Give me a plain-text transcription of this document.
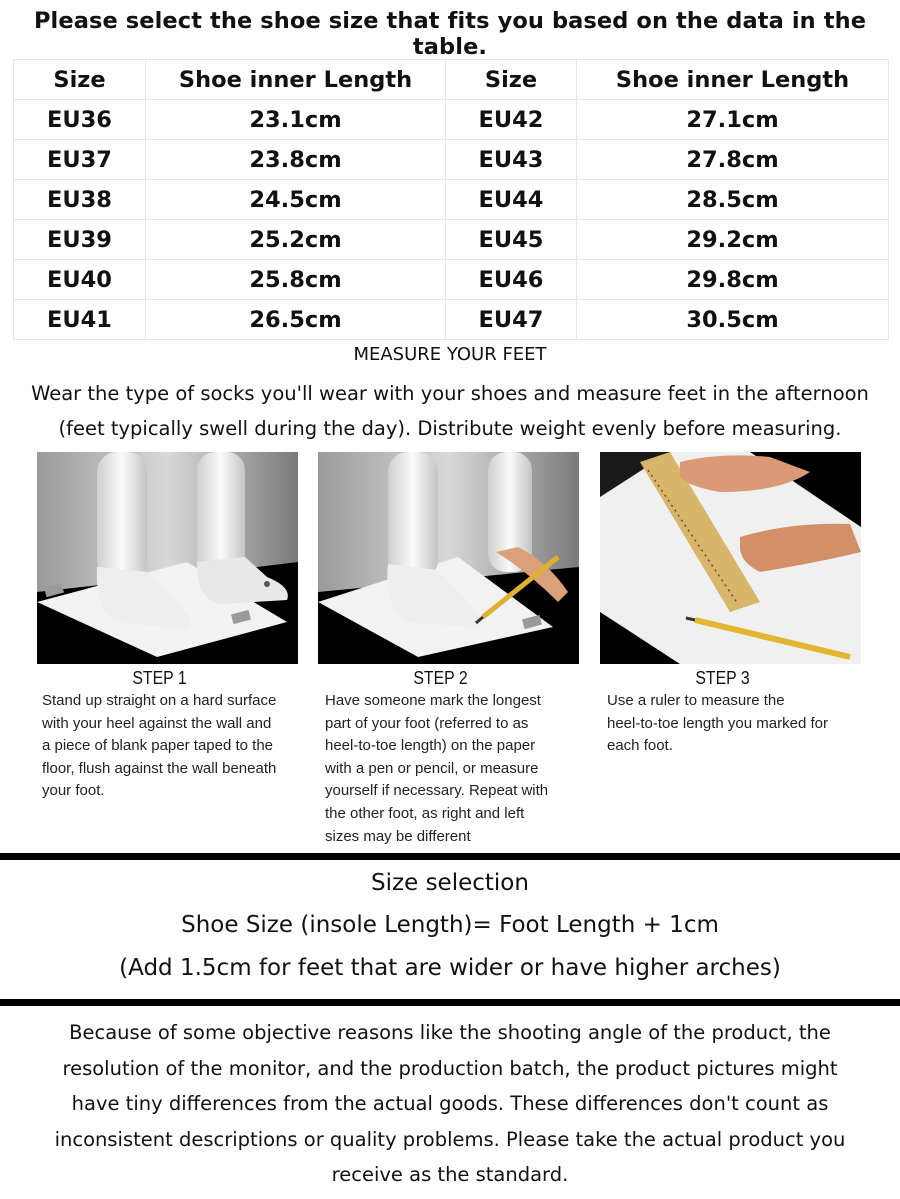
Please select the shoe size that fits you based on the data in the table.
Size	Shoe inner Length	Size	Shoe inner Length
EU36	23.1cm	EU42	27.1cm
EU37	23.8cm	EU43	27.8cm
EU38	24.5cm	EU44	28.5cm
EU39	25.2cm	EU45	29.2cm
EU40	25.8cm	EU46	29.8cm
EU41	26.5cm	EU47	30.5cm
MEASURE YOUR FEET
Wear the type of socks you'll wear with your shoes and measure feet in the afternoon
(feet typically swell during the day). Distribute weight evenly before measuring.
STEP 1	STEP 2	STEP 3
Stand up straight on a hard surface
with your heel against the wall and
a piece of blank paper taped to the
floor, flush against the wall beneath
your foot.
Have someone mark the longest
part of your foot (referred to as
heel-to-toe length) on the paper
with a pen or pencil, or measure
yourself if necessary. Repeat with
the other foot, as right and left
sizes may be different
Use a ruler to measure the
heel-to-toe length you marked for
each foot.
Size selection
Shoe Size (insole Length)= Foot Length + 1cm
(Add 1.5cm for feet that are wider or have higher arches)
Because of some objective reasons like the shooting angle of the product, the
resolution of the monitor, and the production batch, the product pictures might
have tiny differences from the actual goods. These differences don't count as
inconsistent descriptions or quality problems. Please take the actual product you
receive as the standard.
